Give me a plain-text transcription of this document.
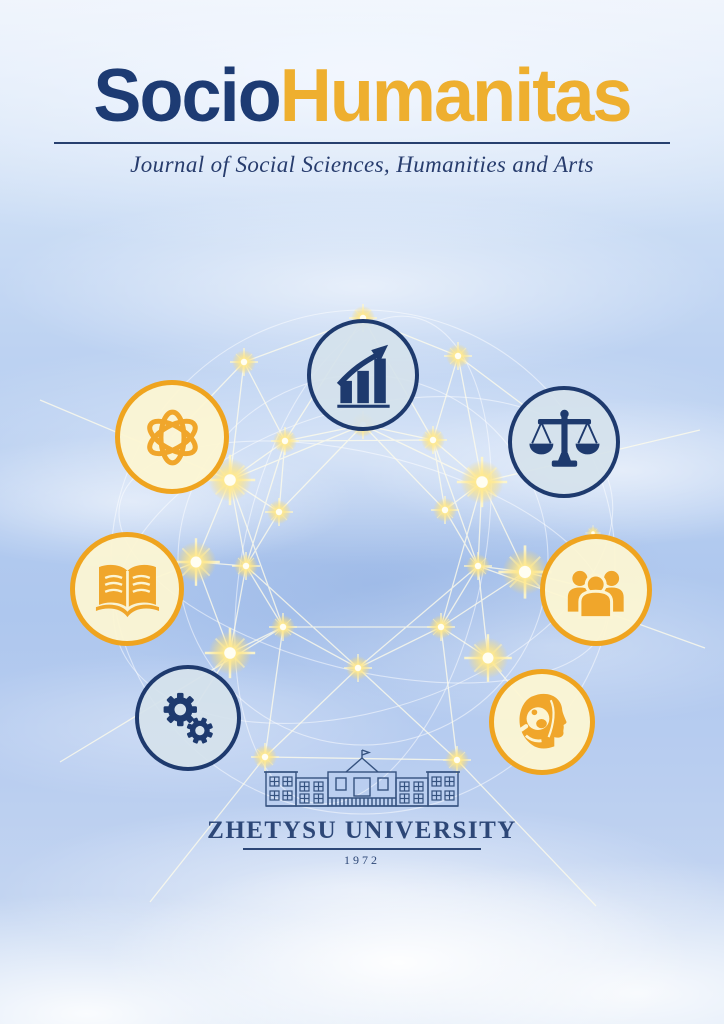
SocioHumanitas

Journal of Social Sciences, Humanities and Arts

ZHETYSU UNIVERSITY
1972
